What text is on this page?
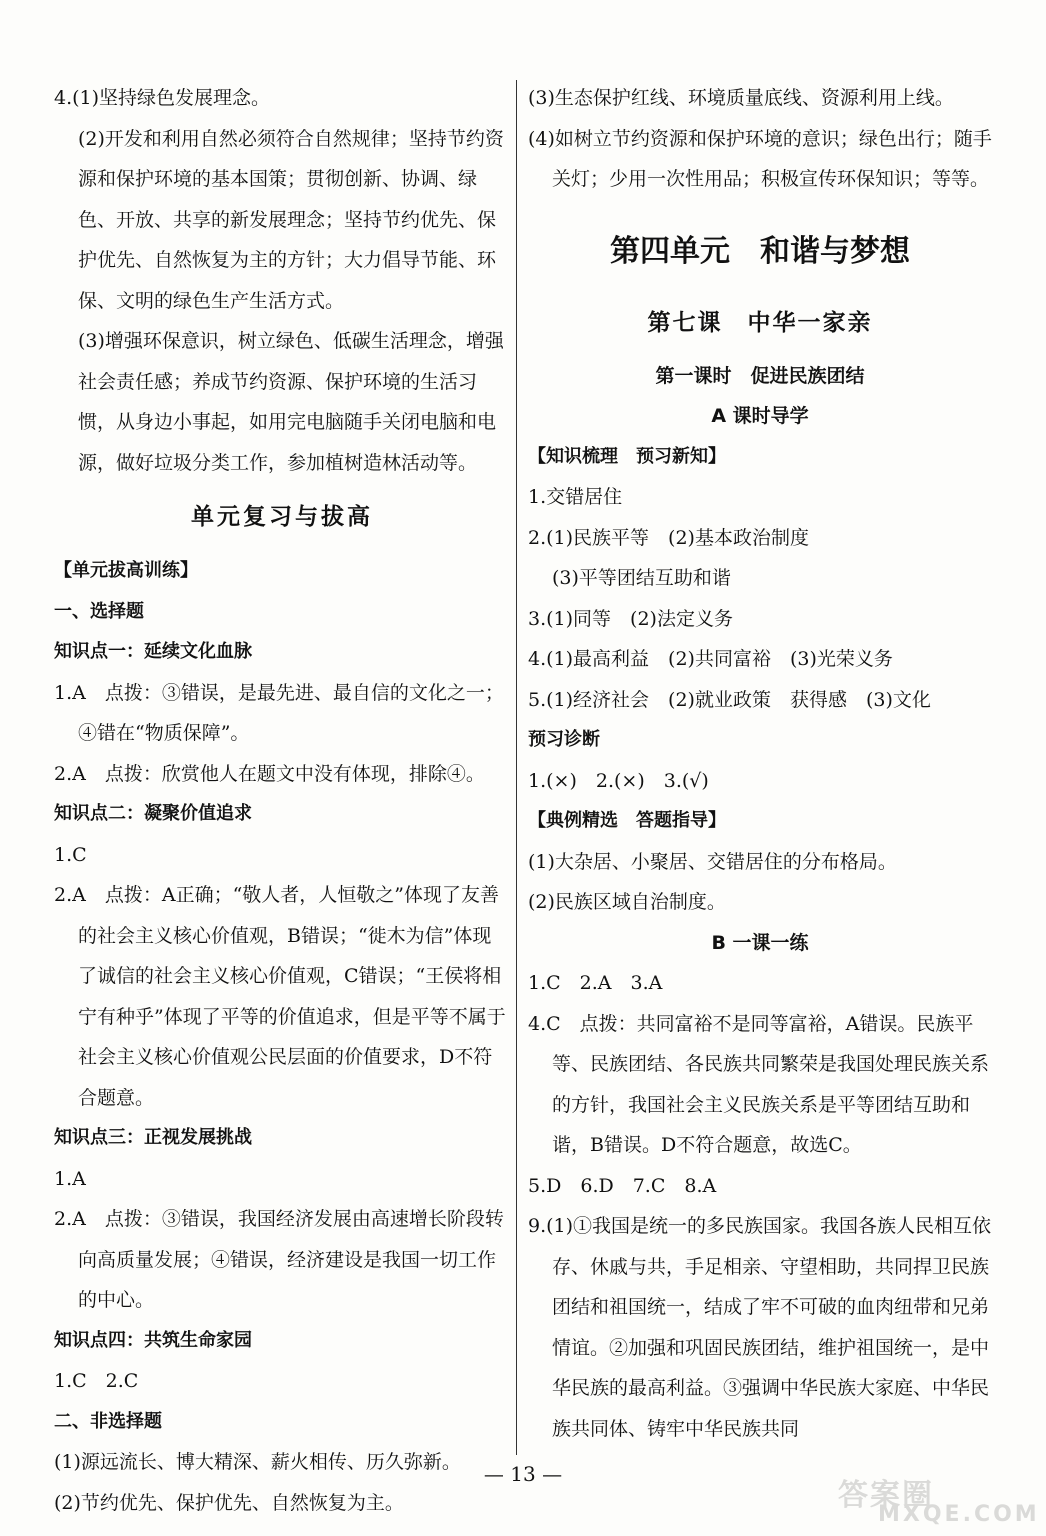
4.(1)坚持绿色发展理念。

(2)开发和利用自然必须符合自然规律；坚持节约资源和保护环境的基本国策；贯彻创新、协调、绿色、开放、共享的新发展理念；坚持节约优先、保护优先、自然恢复为主的方针；大力倡导节能、环保、文明的绿色生产生活方式。

(3)增强环保意识，树立绿色、低碳生活理念，增强社会责任感；养成节约资源、保护环境的生活习惯，从身边小事起，如用完电脑随手关闭电脑和电源，做好垃圾分类工作，参加植树造林活动等。

单元复习与拔高

【单元拔高训练】

一、选择题

知识点一：延续文化血脉

1.A　点拨：③错误，是最先进、最自信的文化之一；④错在“物质保障”。

2.A　点拨：欣赏他人在题文中没有体现，排除④。

知识点二：凝聚价值追求

1.C

2.A　点拨：A正确；“敬人者，人恒敬之”体现了友善的社会主义核心价值观，B错误；“徙木为信”体现了诚信的社会主义核心价值观，C错误；“王侯将相宁有种乎”体现了平等的价值追求，但是平等不属于社会主义核心价值观公民层面的价值要求，D不符合题意。

知识点三：正视发展挑战

1.A

2.A　点拨：③错误，我国经济发展由高速增长阶段转向高质量发展；④错误，经济建设是我国一切工作的中心。

知识点四：共筑生命家园

1.C　2.C

二、非选择题

(1)源远流长、博大精深、薪火相传、历久弥新。

(2)节约优先、保护优先、自然恢复为主。

(3)生态保护红线、环境质量底线、资源利用上线。

(4)如树立节约资源和保护环境的意识；绿色出行；随手关灯；少用一次性用品；积极宣传环保知识；等等。

第四单元　和谐与梦想
第七课　中华一家亲

第一课时　促进民族团结

A 课时导学

【知识梳理　预习新知】

1.交错居住

2.(1)民族平等　(2)基本政治制度

(3)平等团结互助和谐

3.(1)同等　(2)法定义务

4.(1)最高利益　(2)共同富裕　(3)光荣义务

5.(1)经济社会　(2)就业政策　获得感　(3)文化

预习诊断

1.(×)　2.(×)　3.(√)

【典例精选　答题指导】

(1)大杂居、小聚居、交错居住的分布格局。

(2)民族区域自治制度。

B 一课一练

1.C　2.A　3.A

4.C　点拨：共同富裕不是同等富裕，A错误。民族平等、民族团结、各民族共同繁荣是我国处理民族关系的方针，我国社会主义民族关系是平等团结互助和谐，B错误。D不符合题意，故选C。

5.D　6.D　7.C　8.A

9.(1)①我国是统一的多民族国家。我国各族人民相互依存、休戚与共，手足相亲、守望相助，共同捍卫民族团结和祖国统一，结成了牢不可破的血肉纽带和兄弟情谊。②加强和巩固民族团结，维护祖国统一，是中华民族的最高利益。③强调中华民族大家庭、中华民族共同体、铸牢中华民族共同

— 13 —
答案圈
MXQE.COM
